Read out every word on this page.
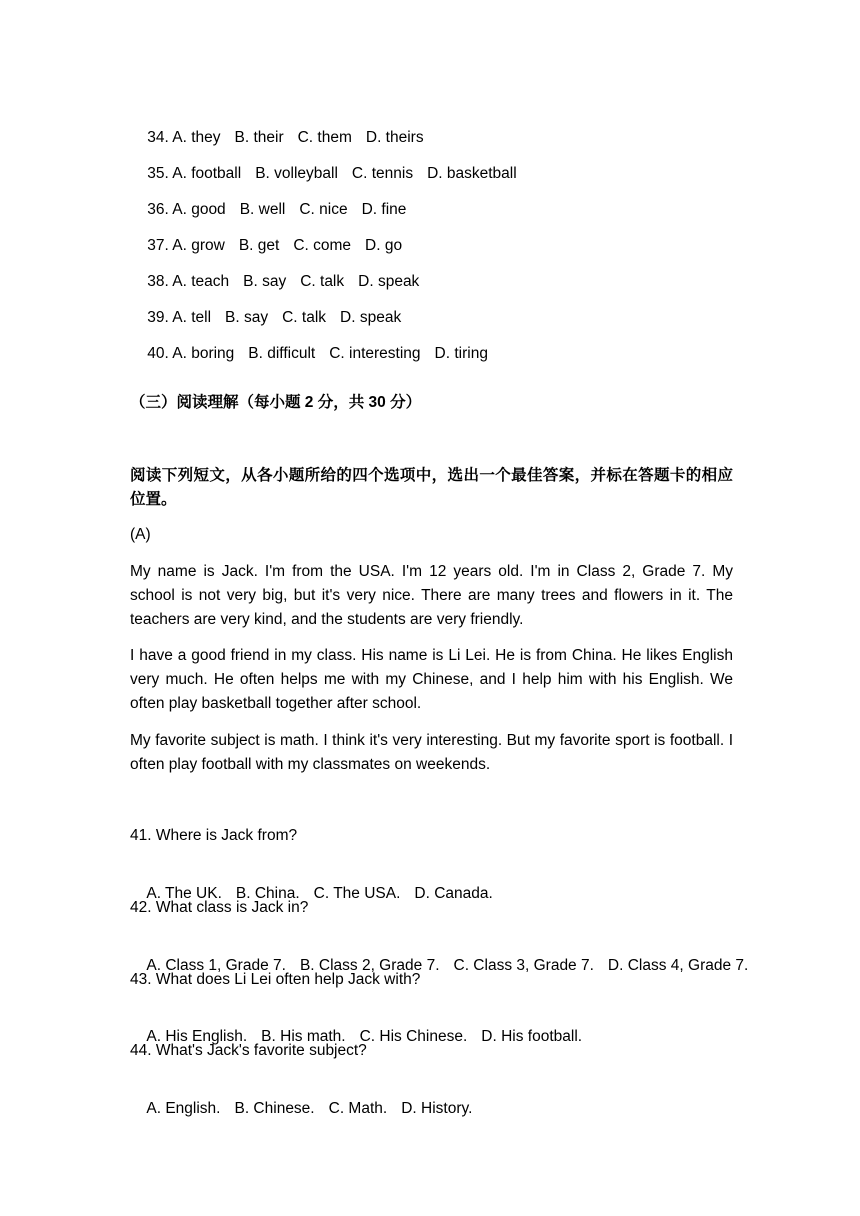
34. A. they B. their C. them D. theirs

35. A. football B. volleyball C. tennis D. basketball

36. A. good B. well C. nice D. fine

37. A. grow B. get C. come D. go

38. A. teach B. say C. talk D. speak

39. A. tell B. say C. talk D. speak

40. A. boring B. difficult C. interesting D. tiring

（三）阅读理解（每小题 2 分，共 30 分）
阅读下列短文，从各小题所给的四个选项中，选出一个最佳答案，并标在答题卡的相应位置。
(A)
My name is Jack. I'm from the USA. I'm 12 years old. I'm in Class 2, Grade 7. My school is not very big, but it's very nice. There are many trees and flowers in it. The teachers are very kind, and the students are very friendly.
I have a good friend in my class. His name is Li Lei. He is from China. He likes English very much. He often helps me with my Chinese, and I help him with his English. We often play basketball together after school.
My favorite subject is math. I think it's very interesting. But my favorite sport is football. I often play football with my classmates on weekends.
41. Where is Jack from?

A. The UK. B. China. C. The USA. D. Canada.

42. What class is Jack in?

A. Class 1, Grade 7. B. Class 2, Grade 7. C. Class 3, Grade 7. D. Class 4, Grade 7.

43. What does Li Lei often help Jack with?

A. His English. B. His math. C. His Chinese. D. His football.

44. What's Jack's favorite subject?

A. English. B. Chinese. C. Math. D. History.
